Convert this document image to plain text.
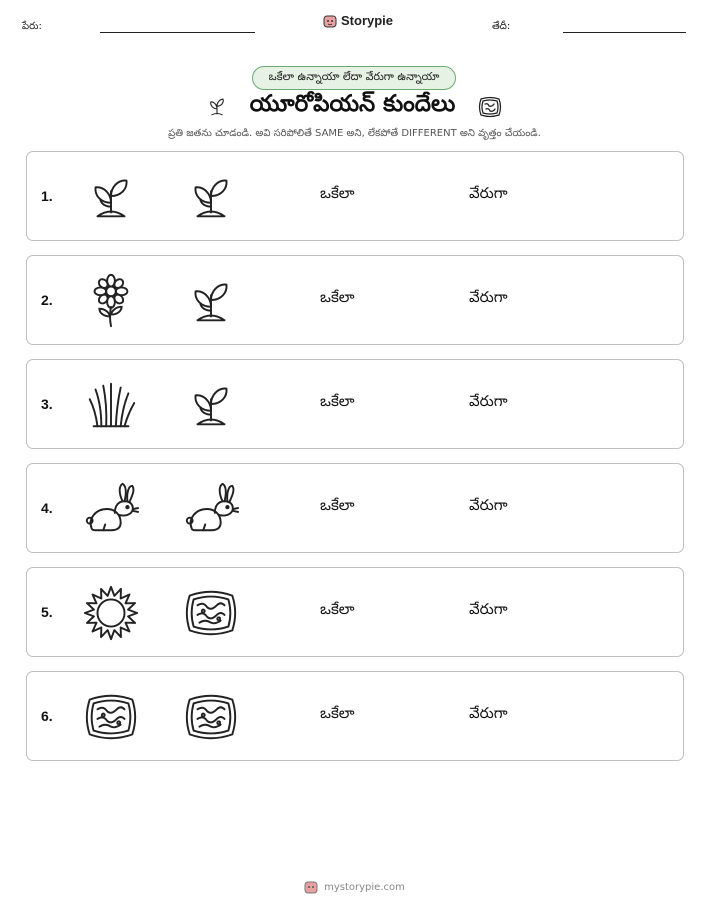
పేరు:	Storypie	తేదీ:
ఒకేలా ఉన్నాయా లేదా వేరుగా ఉన్నాయా
యూరోపియన్ కుందేలు
ప్రతి జతను చూడండి. అవి సరిపోలితే SAME అని, లేకపోతే DIFFERENT అని వృత్తం చేయండి.
1.	ఒకేలా	వేరుగా
2.	ఒకేలా	వేరుగా
3.	ఒకేలా	వేరుగా
4.	ఒకేలా	వేరుగా
5.	ఒకేలా	వేరుగా
6.	ఒకేలా	వేరుగా
mystorypie.com
